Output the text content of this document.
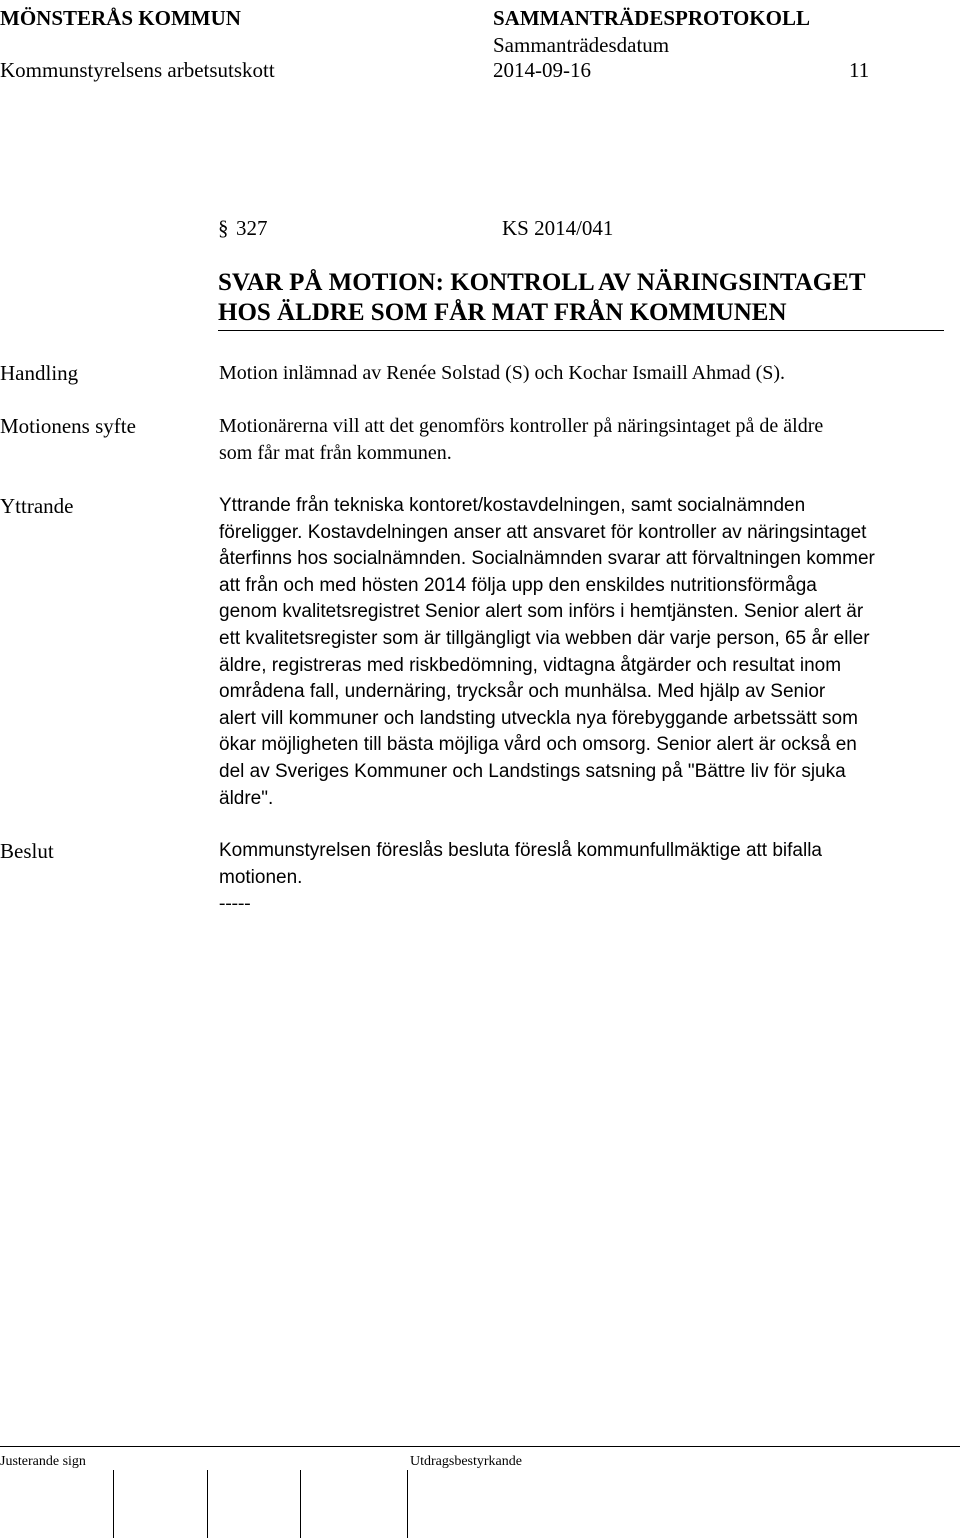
MÖNSTERÅS KOMMUN	SAMMANTRÄDESPROTOKOLL
Sammanträdesdatum
Kommunstyrelsens arbetsutskott	2014-09-16	11
§ 327	KS 2014/041
SVAR PÅ MOTION: KONTROLL AV NÄRINGSINTAGET
HOS ÄLDRE SOM FÅR MAT FRÅN KOMMUNEN
Handling	Motion inlämnad av Renée Solstad (S) och Kochar Ismaill Ahmad (S).
Motionens syfte	Motionärerna vill att det genomförs kontroller på näringsintaget på de äldre
som får mat från kommunen.
Yttrande	Yttrande från tekniska kontoret/kostavdelningen, samt socialnämnden
föreligger. Kostavdelningen anser att ansvaret för kontroller av näringsintaget
återfinns hos socialnämnden. Socialnämnden svarar att förvaltningen kommer
att från och med hösten 2014 följa upp den enskildes nutritionsförmåga
genom kvalitetsregistret Senior alert som införs i hemtjänsten. Senior alert är
ett kvalitetsregister som är tillgängligt via webben där varje person, 65 år eller
äldre, registreras med riskbedömning, vidtagna åtgärder och resultat inom
områdena fall, undernäring, trycksår och munhälsa. Med hjälp av Senior
alert vill kommuner och landsting utveckla nya förebyggande arbetssätt som
ökar möjligheten till bästa möjliga vård och omsorg. Senior alert är också en
del av Sveriges Kommuner och Landstings satsning på "Bättre liv för sjuka
äldre".
Beslut	Kommunstyrelsen föreslås besluta föreslå kommunfullmäktige att bifalla
motionen.
-----
Justerande sign	Utdragsbestyrkande
